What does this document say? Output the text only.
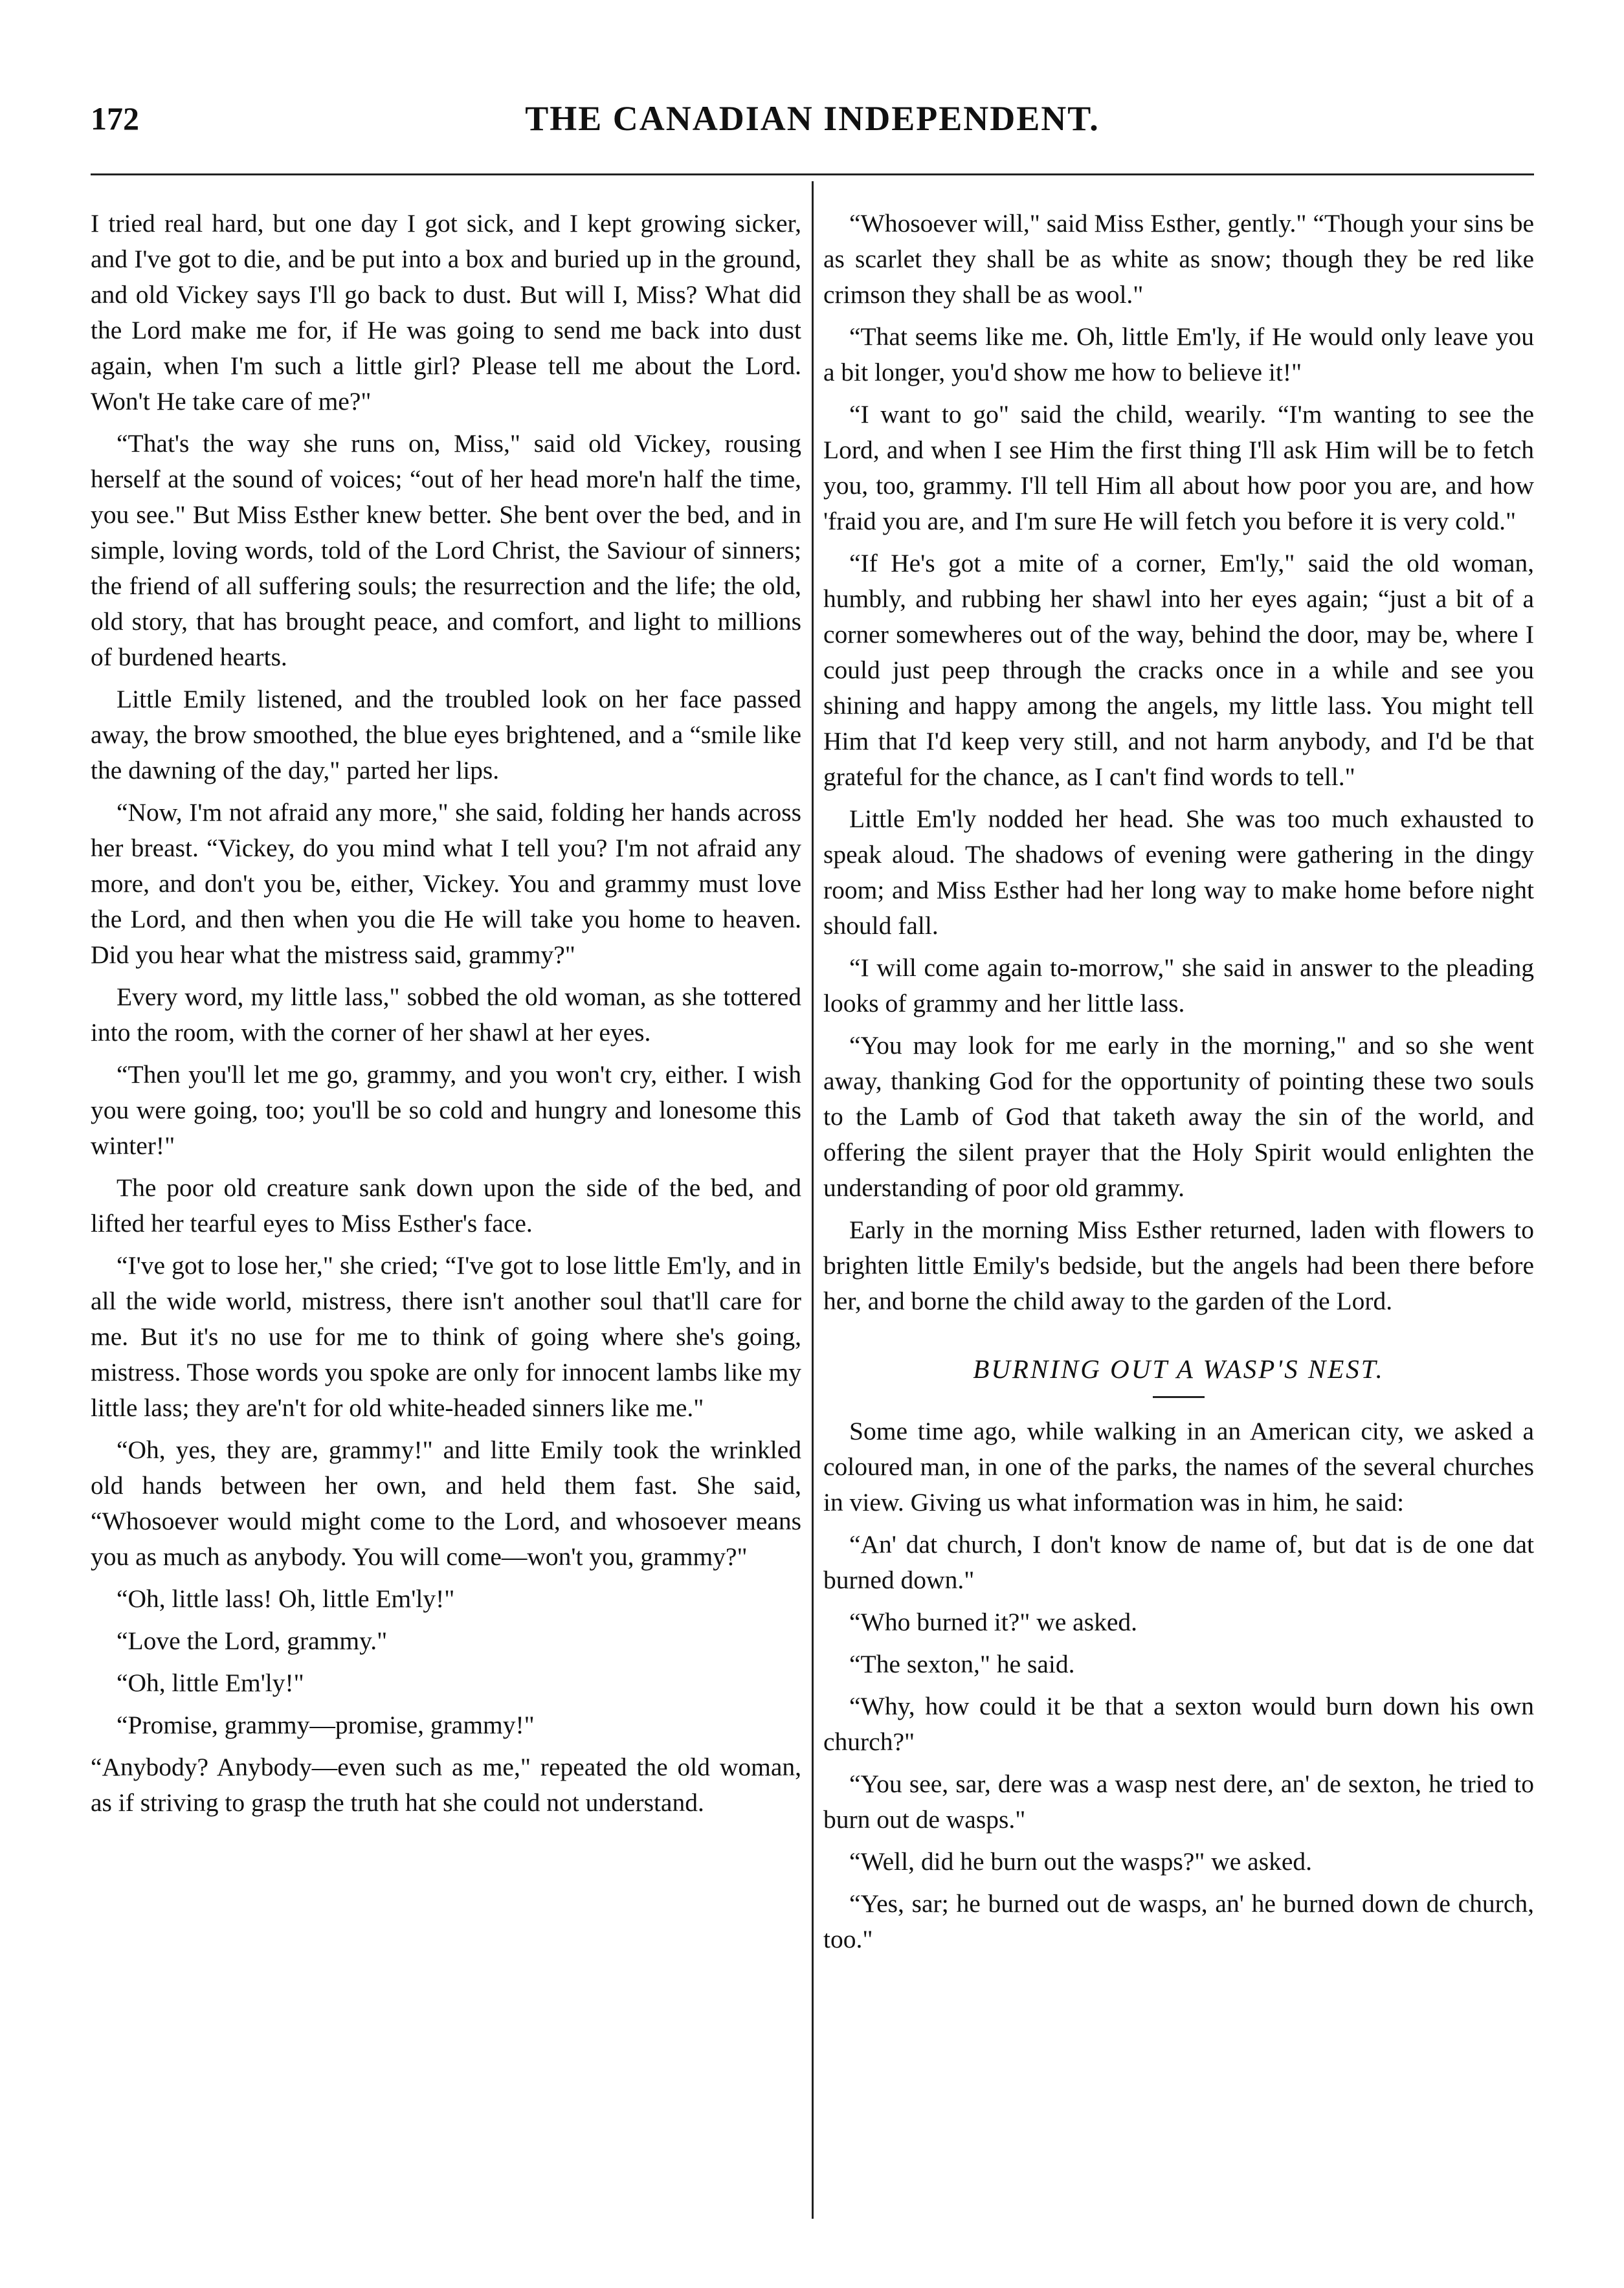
172	THE CANADIAN INDEPENDENT.

I tried real hard, but one day I got sick, and I kept growing sicker, and I've got to die, and be put into a box and buried up in the ground, and old Vickey says I'll go back to dust. But will I, Miss? What did the Lord make me for, if He was going to send me back into dust again, when I'm such a little girl? Please tell me about the Lord. Won't He take care of me?"

“That's the way she runs on, Miss," said old Vickey, rousing herself at the sound of voices; “out of her head more'n half the time, you see." But Miss Esther knew better. She bent over the bed, and in simple, loving words, told of the Lord Christ, the Saviour of sinners; the friend of all suffering souls; the resurrection and the life; the old, old story, that has brought peace, and comfort, and light to millions of burdened hearts.

Little Emily listened, and the troubled look on her face passed away, the brow smoothed, the blue eyes brightened, and a “smile like the dawning of the day," parted her lips.

“Now, I'm not afraid any more," she said, folding her hands across her breast. “Vickey, do you mind what I tell you? I'm not afraid any more, and don't you be, either, Vickey. You and grammy must love the Lord, and then when you die He will take you home to heaven. Did you hear what the mistress said, grammy?"

Every word, my little lass," sobbed the old woman, as she tottered into the room, with the corner of her shawl at her eyes.

“Then you'll let me go, grammy, and you won't cry, either. I wish you were going, too; you'll be so cold and hungry and lonesome this winter!"

The poor old creature sank down upon the side of the bed, and lifted her tearful eyes to Miss Esther's face.

“I've got to lose her," she cried; “I've got to lose little Em'ly, and in all the wide world, mistress, there isn't another soul that'll care for me. But it's no use for me to think of going where she's going, mistress. Those words you spoke are only for innocent lambs like my little lass; they are'n't for old white-headed sinners like me."

“Oh, yes, they are, grammy!" and litte Emily took the wrinkled old hands between her own, and held them fast. She said, “Whosoever would might come to the Lord, and whosoever means you as much as anybody. You will come—won't you, grammy?"

“Oh, little lass! Oh, little Em'ly!"

“Love the Lord, grammy."

“Oh, little Em'ly!"

“Promise, grammy—promise, grammy!"

“Anybody? Anybody—even such as me," repeated the old woman, as if striving to grasp the truth hat she could not understand.

“Whosoever will," said Miss Esther, gently." “Though your sins be as scarlet they shall be as white as snow; though they be red like crimson they shall be as wool."

“That seems like me. Oh, little Em'ly, if He would only leave you a bit longer, you'd show me how to believe it!"

“I want to go" said the child, wearily. “I'm wanting to see the Lord, and when I see Him the first thing I'll ask Him will be to fetch you, too, grammy. I'll tell Him all about how poor you are, and how 'fraid you are, and I'm sure He will fetch you before it is very cold."

“If He's got a mite of a corner, Em'ly," said the old woman, humbly, and rubbing her shawl into her eyes again; “just a bit of a corner somewheres out of the way, behind the door, may be, where I could just peep through the cracks once in a while and see you shining and happy among the angels, my little lass. You might tell Him that I'd keep very still, and not harm anybody, and I'd be that grateful for the chance, as I can't find words to tell."

Little Em'ly nodded her head. She was too much exhausted to speak aloud. The shadows of evening were gathering in the dingy room; and Miss Esther had her long way to make home before night should fall.

“I will come again to-morrow," she said in answer to the pleading looks of grammy and her little lass.

“You may look for me early in the morning," and so she went away, thanking God for the opportunity of pointing these two souls to the Lamb of God that taketh away the sin of the world, and offering the silent prayer that the Holy Spirit would enlighten the understanding of poor old grammy.

Early in the morning Miss Esther returned, laden with flowers to brighten little Emily's bedside, but the angels had been there before her, and borne the child away to the garden of the Lord.

BURNING OUT A WASP'S NEST.

Some time ago, while walking in an American city, we asked a coloured man, in one of the parks, the names of the several churches in view. Giving us what information was in him, he said:

“An' dat church, I don't know de name of, but dat is de one dat burned down."

“Who burned it?" we asked.

“The sexton," he said.

“Why, how could it be that a sexton would burn down his own church?"

“You see, sar, dere was a wasp nest dere, an' de sexton, he tried to burn out de wasps."

“Well, did he burn out the wasps?" we asked.

“Yes, sar; he burned out de wasps, an' he burned down de church, too."
